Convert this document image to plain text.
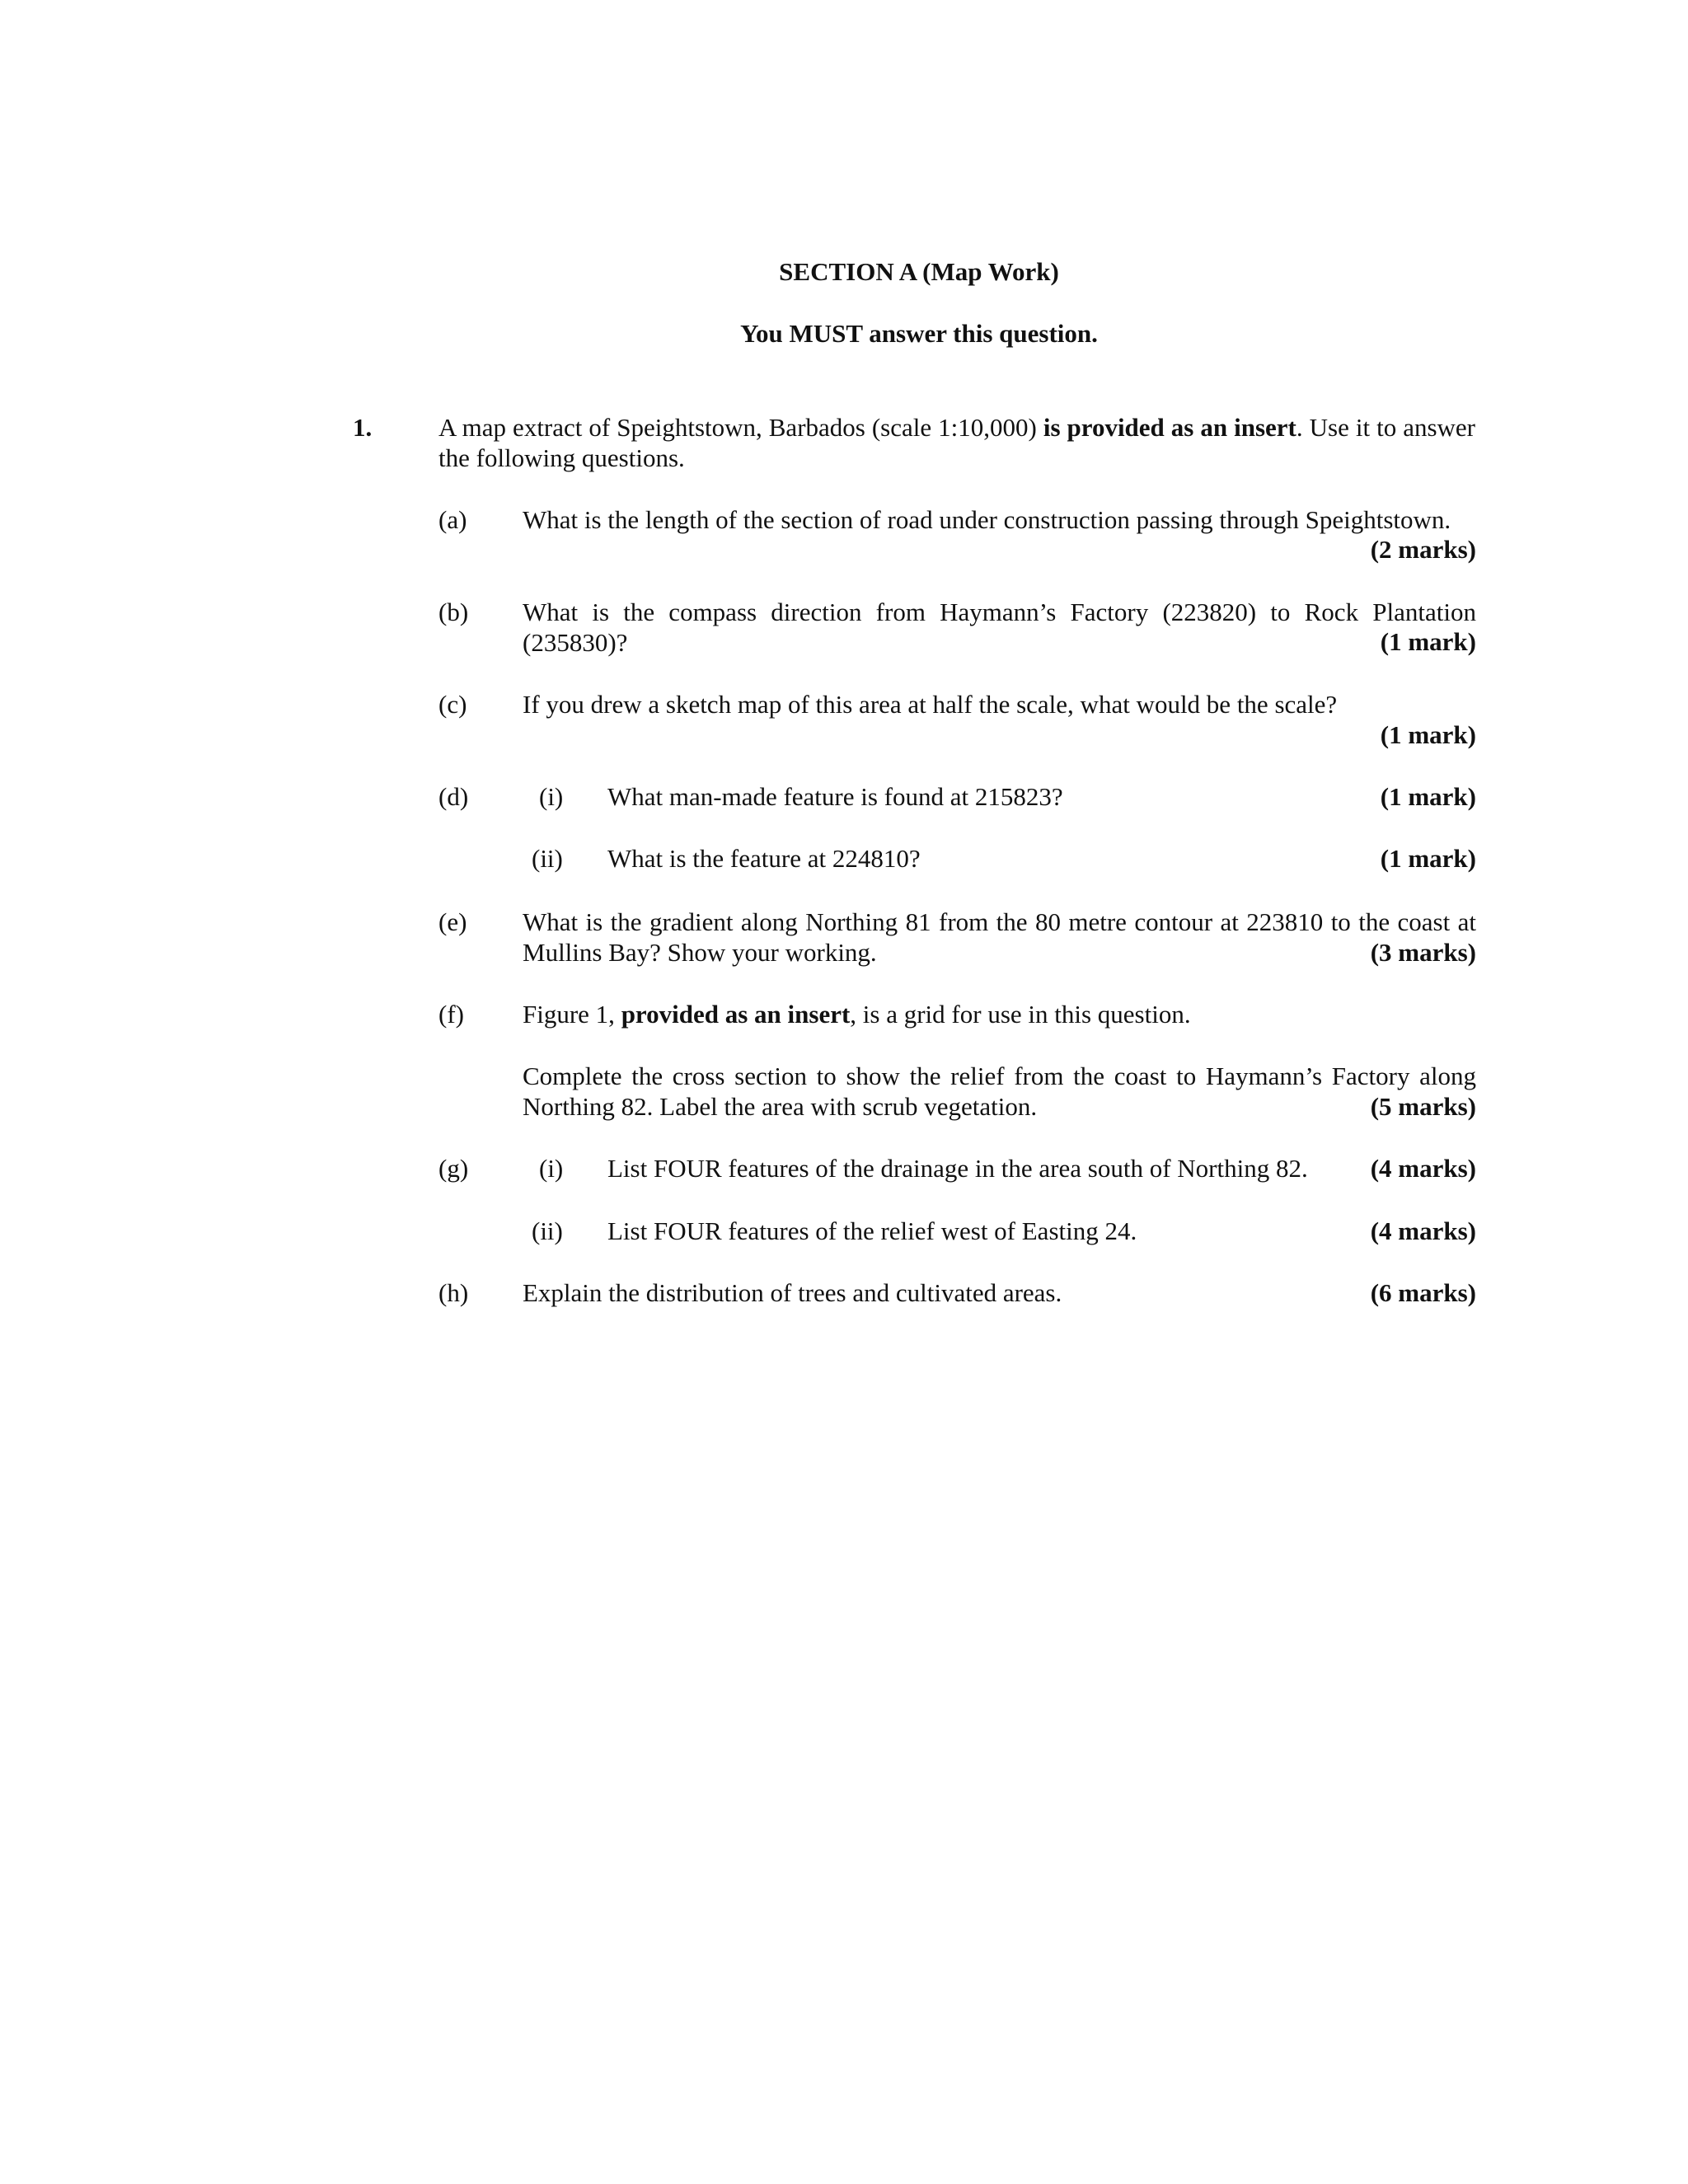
SECTION A (Map Work)
You MUST answer this question.
1.	A map extract of Speightstown, Barbados (scale 1:10,000) is provided as an insert. Use it to answer the following questions.
(a) What is the length of the section of road under construction passing through Speightstown.
(2 marks)
(b) What is the compass direction from Haymann’s Factory (223820) to Rock Plantation (235830)?	(1 mark)
(c) If you drew a sketch map of this area at half the scale, what would be the scale?
(1 mark)
(d)	(i) What man-made feature is found at 215823?	(1 mark)
(ii) What is the feature at 224810?	(1 mark)
(e) What is the gradient along Northing 81 from the 80 metre contour at 223810 to the coast at Mullins Bay? Show your working.	(3 marks)
(f) Figure 1, provided as an insert, is a grid for use in this question.
Complete the cross section to show the relief from the coast to Haymann’s Factory along Northing 82. Label the area with scrub vegetation.	(5 marks)
(g)	(i) List FOUR features of the drainage in the area south of Northing 82. (4 marks)
(ii) List FOUR features of the relief west of Easting 24.	(4 marks)
(h) Explain the distribution of trees and cultivated areas.	(6 marks)
